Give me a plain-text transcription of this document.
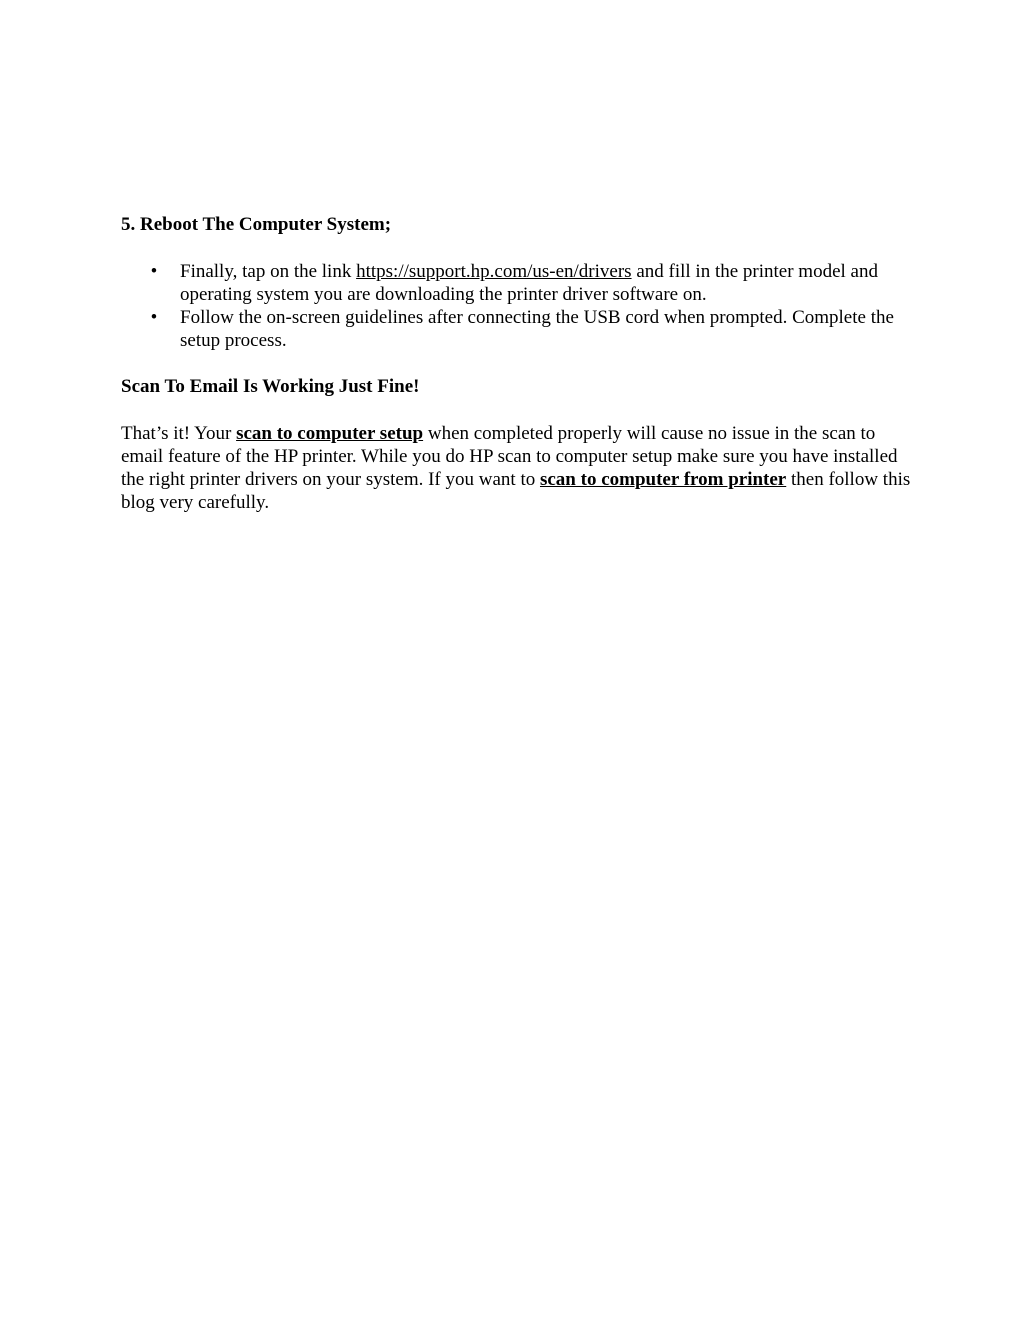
5. Reboot The Computer System;

• Finally, tap on the link https://support.hp.com/us-en/drivers and fill in the printer model and operating system you are downloading the printer driver software on.
• Follow the on-screen guidelines after connecting the USB cord when prompted. Complete the setup process.

Scan To Email Is Working Just Fine!

That’s it! Your scan to computer setup when completed properly will cause no issue in the scan to email feature of the HP printer. While you do HP scan to computer setup make sure you have installed the right printer drivers on your system. If you want to scan to computer from printer then follow this blog very carefully.
